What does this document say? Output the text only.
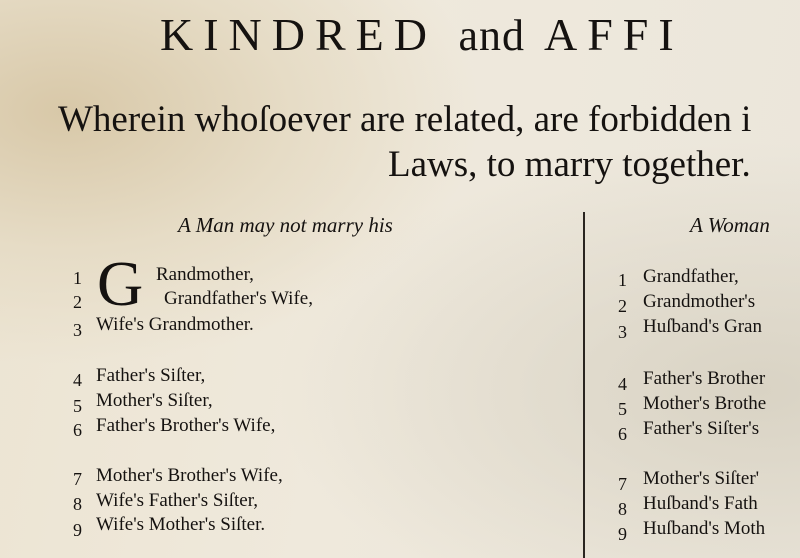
KINDRED and AFFI
Wherein whoſoever are related, are forbidden i
Laws, to marry together.
A Man may not marry his	A Woman
G
1	Randmother,
2	Grandfather's Wife,
3 Wife's Grandmother.
4 Father's Siſter,
5 Mother's Siſter,
6 Father's Brother's Wife,
7 Mother's Brother's Wife,
8 Wife's Father's Siſter,
9 Wife's Mother's Siſter.
1 Grandfather,
2 Grandmother's
3 Huſband's Gran
4 Father's Brother
5 Mother's Brothe
6 Father's Siſter's
7 Mother's Siſter'
8 Huſband's Fath
9 Huſband's Moth
